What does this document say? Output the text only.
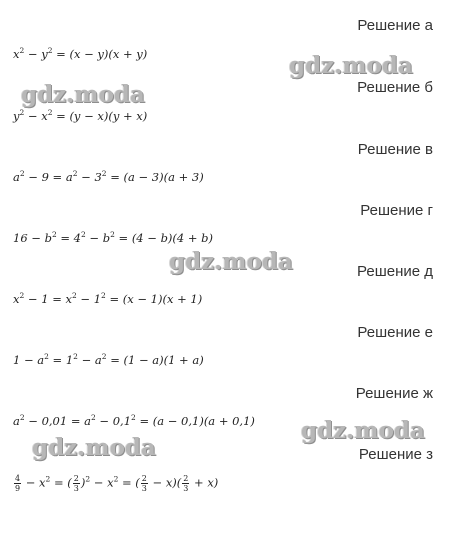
Решение а
Решение б
Решение в
Решение г
Решение д
Решение е
Решение ж
Решение з
$x^2 - y^2 = (x - y)(x + y)$
$y^2 - x^2 = (y - x)(y + x)$
$a^2 - 9 = a^2 - 3^2 = (a - 3)(a + 3)$
$16 - b^2 = 4^2 - b^2 = (4 - b)(4 + b)$
$x^2 - 1 = x^2 - 1^2 = (x - 1)(x + 1)$
$1 - a^2 = 1^2 - a^2 = (1 - a)(1 + a)$
$a^2 - 0,01 = a^2 - 0,1^2 = (a - 0,1)(a + 0,1)$
$\frac{4}{9} - x^2$ = ( $\frac{2}{3} )^2 - x^2$ = ( $\frac{2}{3} - x)( \frac{2}{3} + x)$
gdz.moda
gdz.moda
gdz.moda
gdz.moda
gdz.moda
